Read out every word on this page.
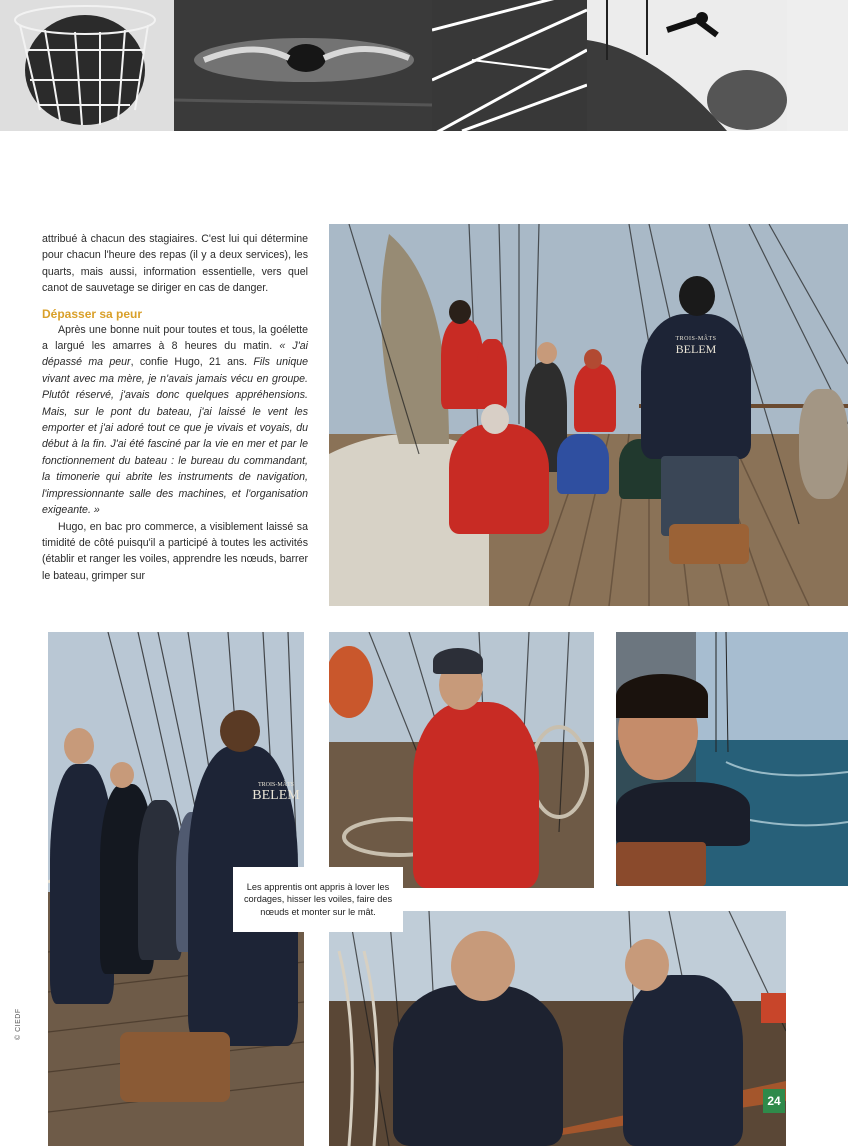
attribué à chacun des stagiaires. C'est lui qui détermine pour chacun l'heure des repas (il y a deux services), les quarts, mais aussi, information essentielle, vers quel canot de sauvetage se diriger en cas de danger.

Dépasser sa peur

Après une bonne nuit pour toutes et tous, la goélette a largué les amarres à 8 heures du matin. « J'ai dépassé ma peur, confie Hugo, 21 ans. Fils unique vivant avec ma mère, je n'avais jamais vécu en groupe. Plutôt réservé, j'avais donc quelques appréhensions. Mais, sur le pont du bateau, j'ai laissé le vent les emporter et j'ai adoré tout ce que je vivais et voyais, du début à la fin. J'ai été fasciné par la vie en mer et par le fonctionnement du bateau : le bureau du commandant, la timonerie qui abrite les instruments de navigation, l'impressionnante salle des machines, et l'organisation exigeante. »

Hugo, en bac pro commerce, a visiblement laissé sa timidité de côté puisqu'il a participé à toutes les activités (établir et ranger les voiles, apprendre les nœuds, barrer le bateau, grimper sur

TROIS-MÂTS
BELEM
TROIS-MÂTS
BELEM
24
Les apprentis ont appris à lover les cordages, hisser les voiles, faire des nœuds et monter sur le mât.
© CIEDF
